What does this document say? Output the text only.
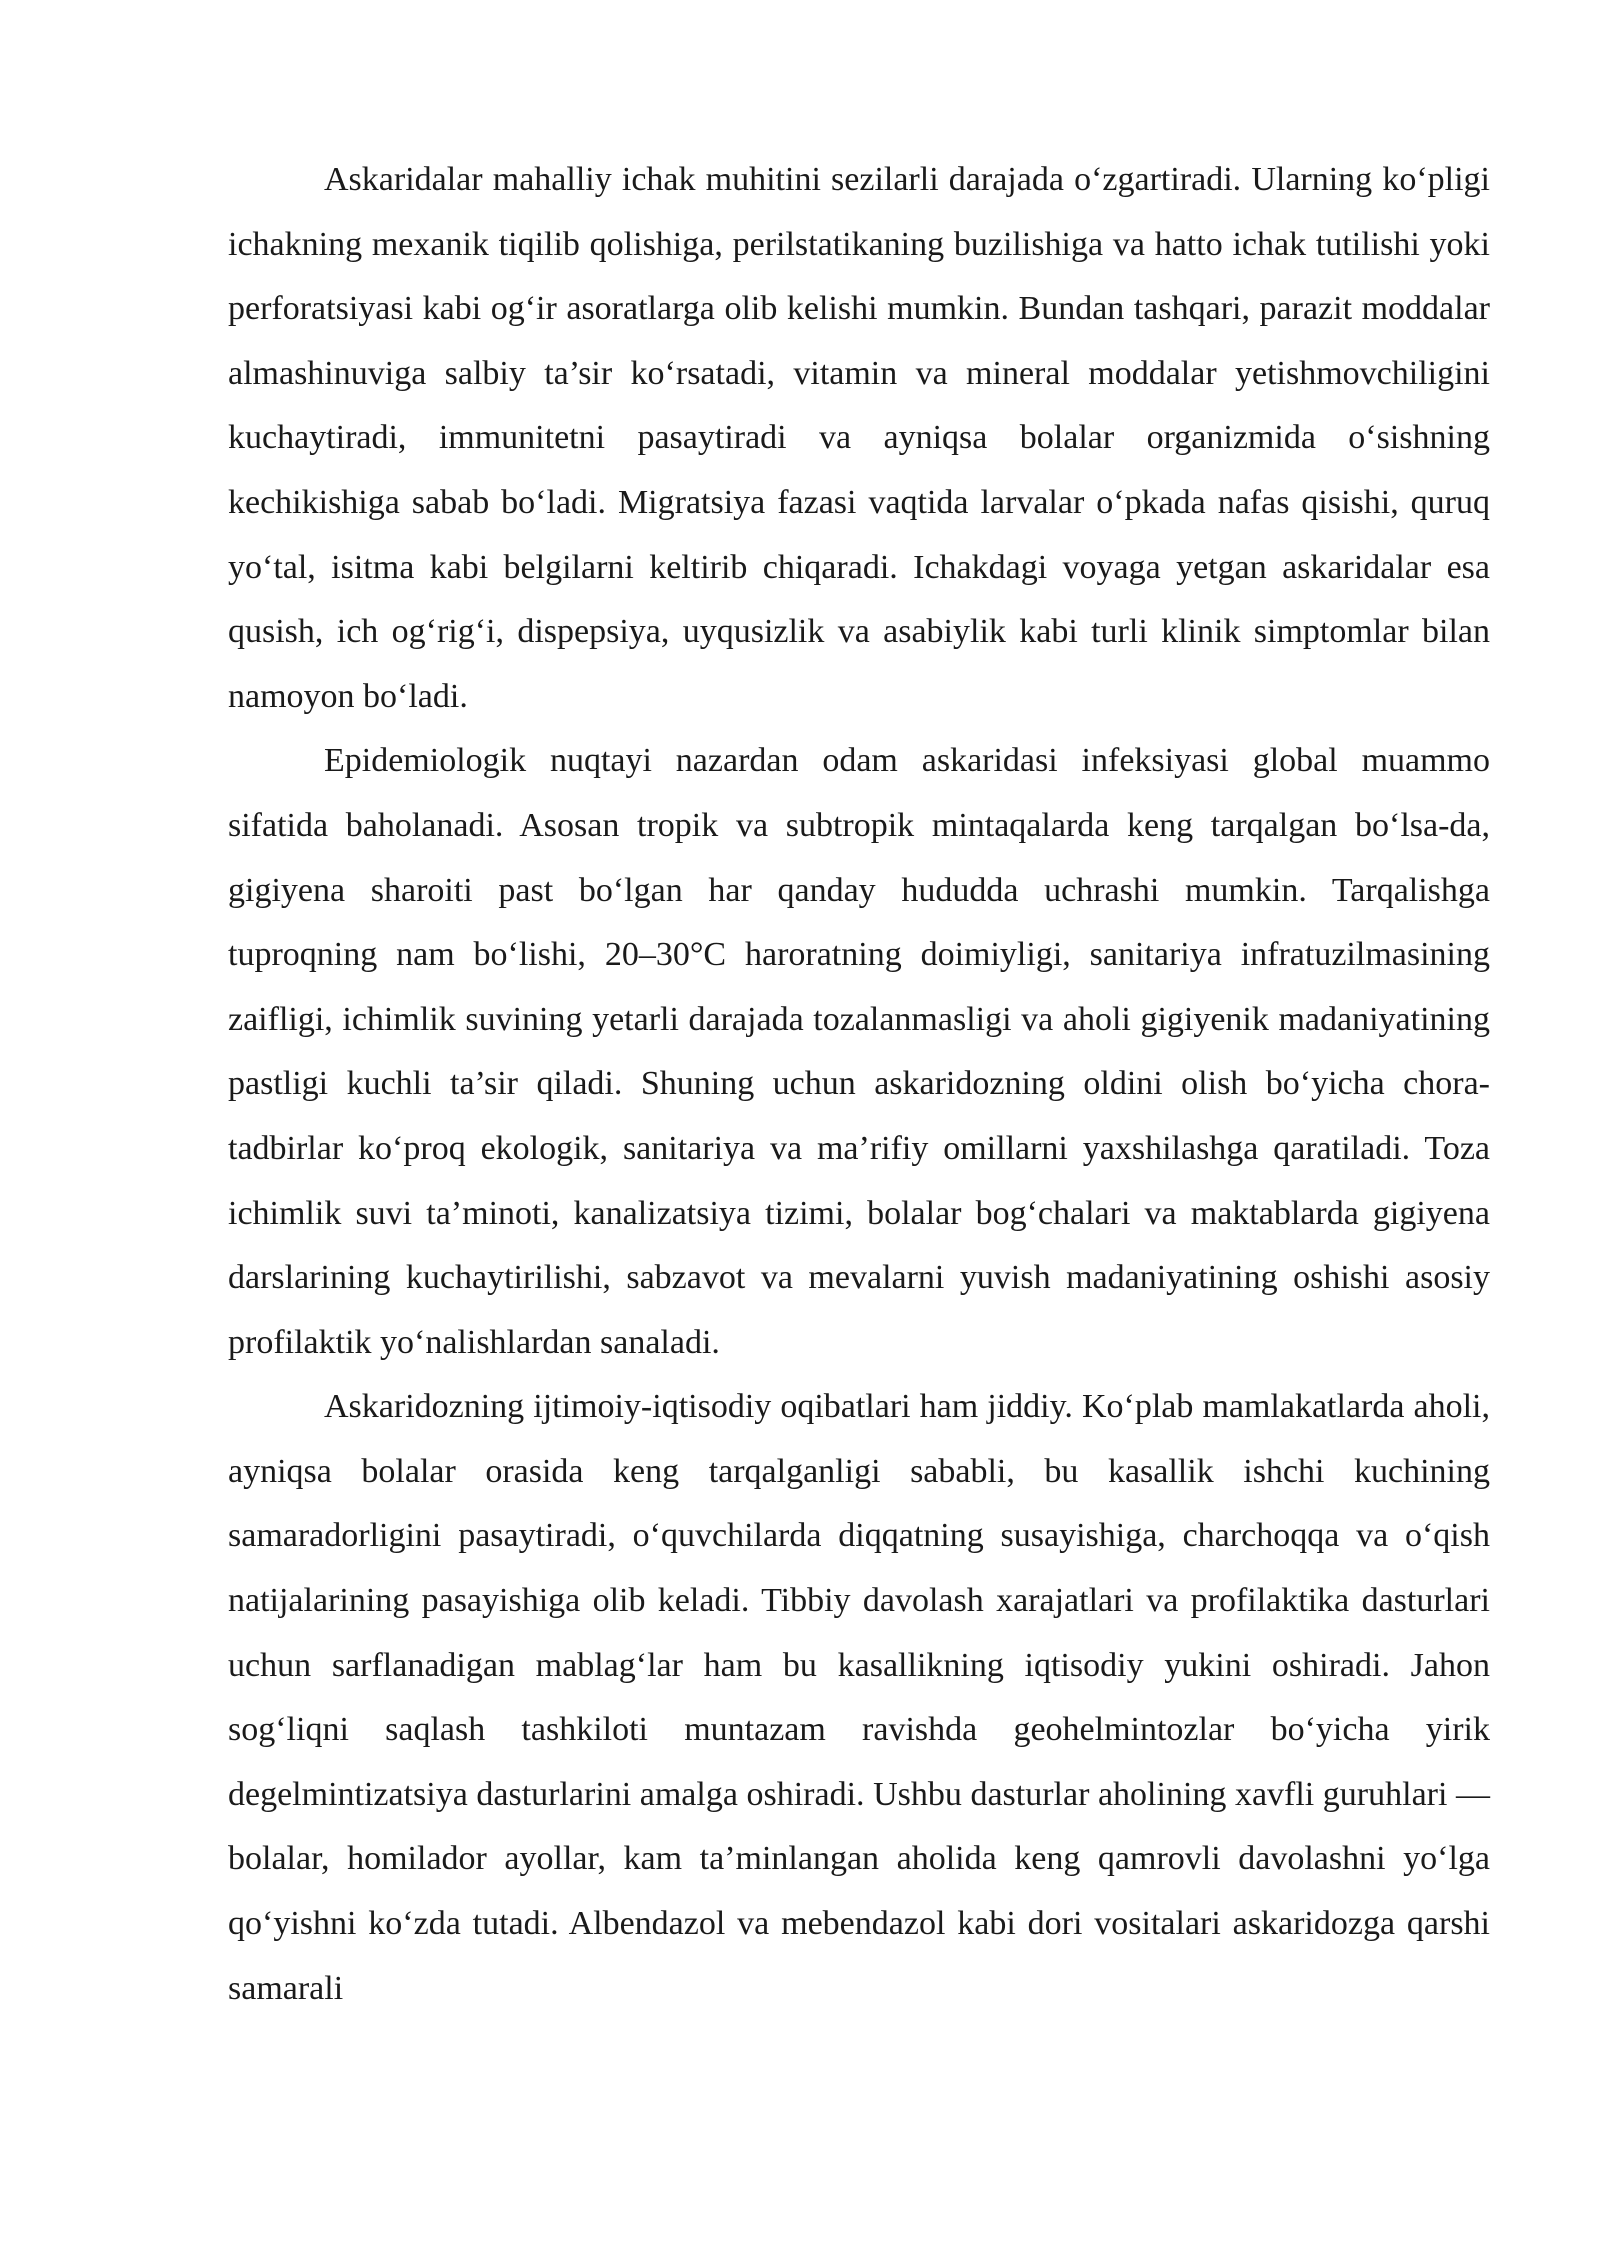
Askaridalar mahalliy ichak muhitini sezilarli darajada o‘zgartiradi. Ularning ko‘pligi ichakning mexanik tiqilib qolishiga, perilstatikaning buzilishiga va hatto ichak tutilishi yoki perforatsiyasi kabi og‘ir asoratlarga olib kelishi mumkin. Bundan tashqari, parazit moddalar almashinuviga salbiy ta’sir ko‘rsatadi, vitamin va mineral moddalar yetishmovchiligini kuchaytiradi, immunitetni pasaytiradi va ayniqsa bolalar organizmida o‘sishning kechikishiga sabab bo‘ladi. Migratsiya fazasi vaqtida larvalar o‘pkada nafas qisishi, quruq yo‘tal, isitma kabi belgilarni keltirib chiqaradi. Ichakdagi voyaga yetgan askaridalar esa qusish, ich og‘rig‘i, dispepsiya, uyqusizlik va asabiylik kabi turli klinik simptomlar bilan namoyon bo‘ladi.

Epidemiologik nuqtayi nazardan odam askaridasi infeksiyasi global muammo sifatida baholanadi. Asosan tropik va subtropik mintaqalarda keng tarqalgan bo‘lsa-da, gigiyena sharoiti past bo‘lgan har qanday hududda uchrashi mumkin. Tarqalishga tuproqning nam bo‘lishi, 20–30°C haroratning doimiyligi, sanitariya infratuzilmasining zaifligi, ichimlik suvining yetarli darajada tozalanmasligi va aholi gigiyenik madaniyatining pastligi kuchli ta’sir qiladi. Shuning uchun askaridozning oldini olish bo‘yicha chora-tadbirlar ko‘proq ekologik, sanitariya va ma’rifiy omillarni yaxshilashga qaratiladi. Toza ichimlik suvi ta’minoti, kanalizatsiya tizimi, bolalar bog‘chalari va maktablarda gigiyena darslarining kuchaytirilishi, sabzavot va mevalarni yuvish madaniyatining oshishi asosiy profilaktik yo‘nalishlardan sanaladi.

Askaridozning ijtimoiy-iqtisodiy oqibatlari ham jiddiy. Ko‘plab mamlakatlarda aholi, ayniqsa bolalar orasida keng tarqalganligi sababli, bu kasallik ishchi kuchining samaradorligini pasaytiradi, o‘quvchilarda diqqatning susayishiga, charchoqqa va o‘qish natijalarining pasayishiga olib keladi. Tibbiy davolash xarajatlari va profilaktika dasturlari uchun sarflanadigan mablag‘lar ham bu kasallikning iqtisodiy yukini oshiradi. Jahon sog‘liqni saqlash tashkiloti muntazam ravishda geohelmintozlar bo‘yicha yirik degelmintizatsiya dasturlarini amalga oshiradi. Ushbu dasturlar aholining xavfli guruhlari — bolalar, homilador ayollar, kam ta’minlangan aholida keng qamrovli davolashni yo‘lga qo‘yishni ko‘zda tutadi. Albendazol va mebendazol kabi dori vositalari askaridozga qarshi samarali
